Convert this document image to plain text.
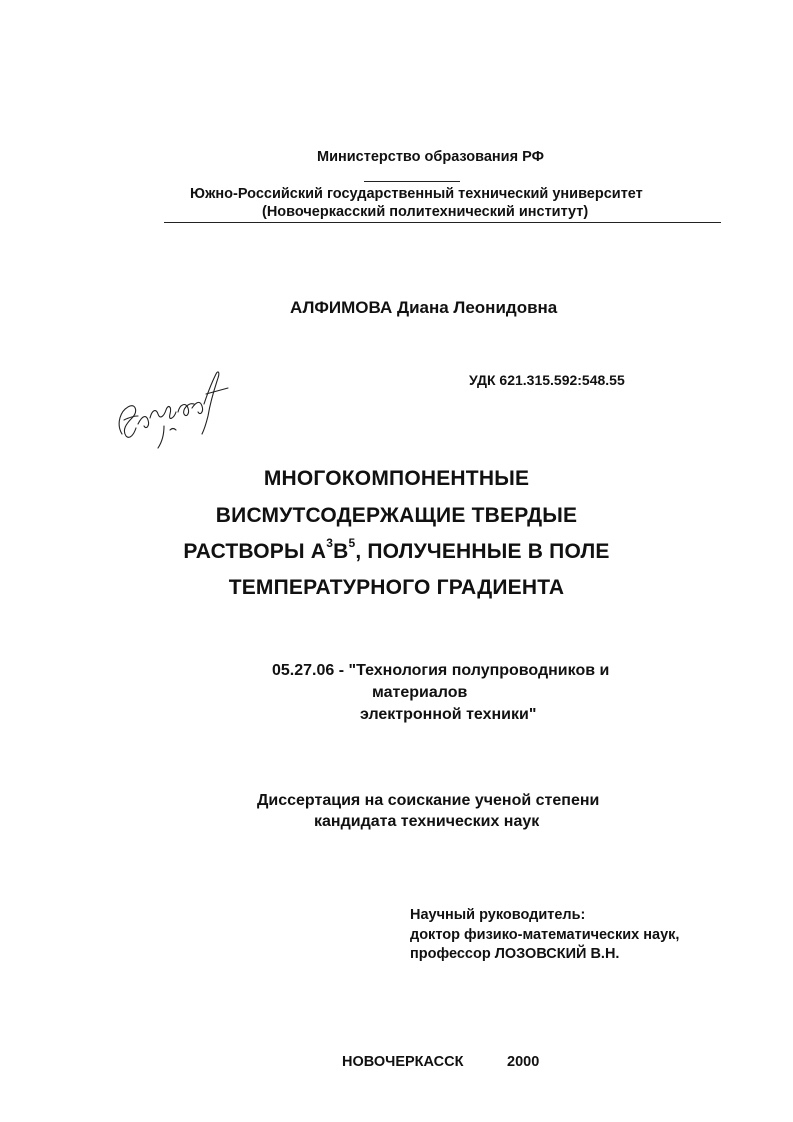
Министерство образования РФ
Южно-Российский государственный технический университет
(Новочеркасский политехнический институт)
АЛФИМОВА Диана Леонидовна
УДК 621.315.592:548.55
МНОГОКОМПОНЕНТНЫЕ
ВИСМУТСОДЕРЖАЩИЕ ТВЕРДЫЕ
РАСТВОРЫ $А^3В^5$, ПОЛУЧЕННЫЕ В ПОЛЕ
ТЕМПЕРАТУРНОГО ГРАДИЕНТА
05.27.06 - "Технология полупроводников и
материалов
электронной техники"
Диссертация на соискание ученой степени
кандидата технических наук
Научный руководитель:
доктор физико-математических наук,
профессор ЛОЗОВСКИЙ В.Н.
НОВОЧЕРКАССК	2000
